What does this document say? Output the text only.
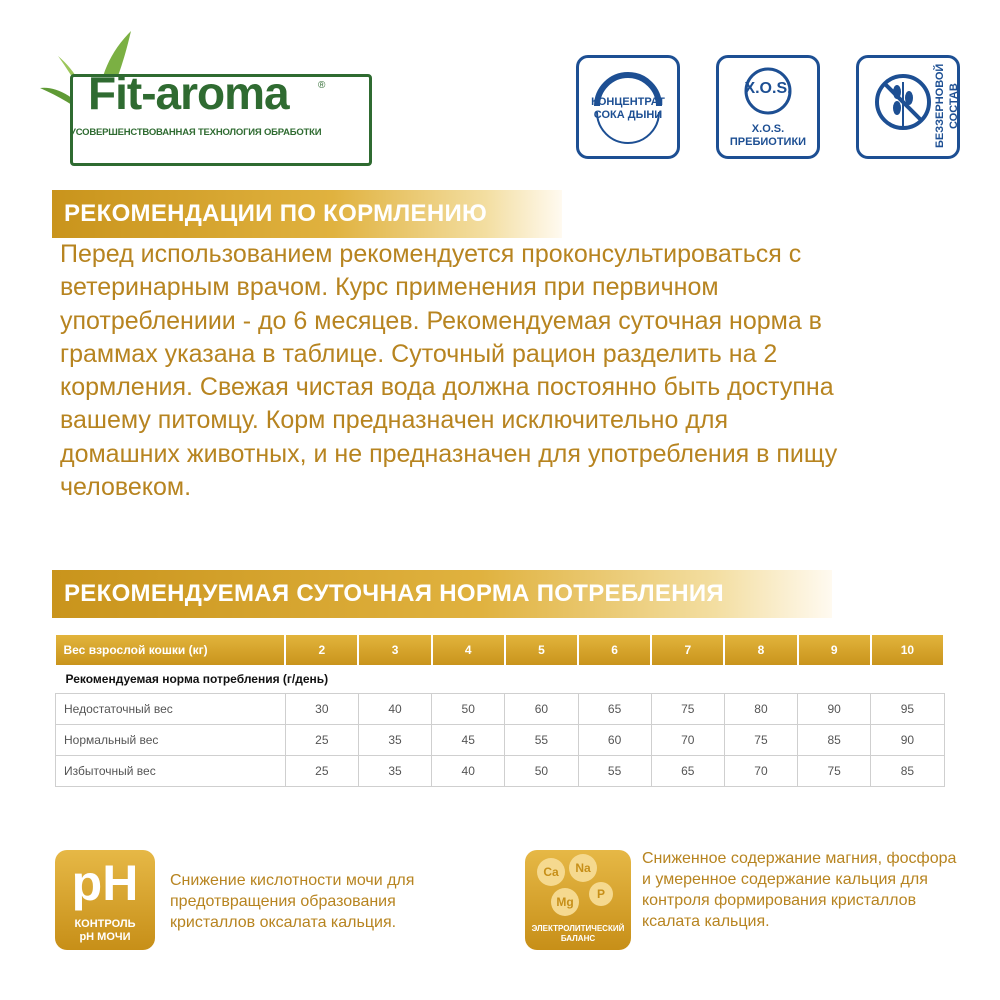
Fit-aroma	®
УСОВЕРШЕНСТВОВАННАЯ ТЕХНОЛОГИЯ ОБРАБОТКИ
КОНЦЕНТРАТ
СОКА ДЫНИ
X.O.S.
X.O.S.
ПРЕБИОТИКИ	БЕЗЗЕРНОВОЙ СОСТАВ
РЕКОМЕНДАЦИИ ПО КОРМЛЕНИЮ
Перед использованием рекомендуется проконсультироваться с
ветеринарным врачом. Курс применения при первичном
употреблениии - до 6 месяцев. Рекомендуемая суточная норма в
граммах указана в таблице. Суточный рацион разделить на 2
кормления. Свежая чистая вода должна постоянно быть доступна
вашему питомцу. Корм предназначен исключительно для
домашних животных, и не предназначен для употребления в пищу
человеком.
РЕКОМЕНДУЕМАЯ СУТОЧНАЯ НОРМА ПОТРЕБЛЕНИЯ
Вес взрослой кошки (кг)	2	3	4	5	6	7	8	9	10
Рекомендуемая норма потребления (г/день)									
Недостаточный вес	30	40	50	60	65	75	80	90	95
Нормальный вес	25	35	45	55	60	70	75	85	90
Избыточный вес	25	35	40	50	55	65	70	75	85
pH
КОНТРОЛЬ
pH МОЧИ
Снижение кислотности мочи для предотвращения образования кристаллов оксалата кальция.
Ca	Na
Mg
P
ЭЛЕКТРОЛИТИЧЕСКИЙ
БАЛАНС
Сниженное содержание магния, фосфора и умеренное содержание кальция для контроля формирования кристаллов ксалата кальция.
